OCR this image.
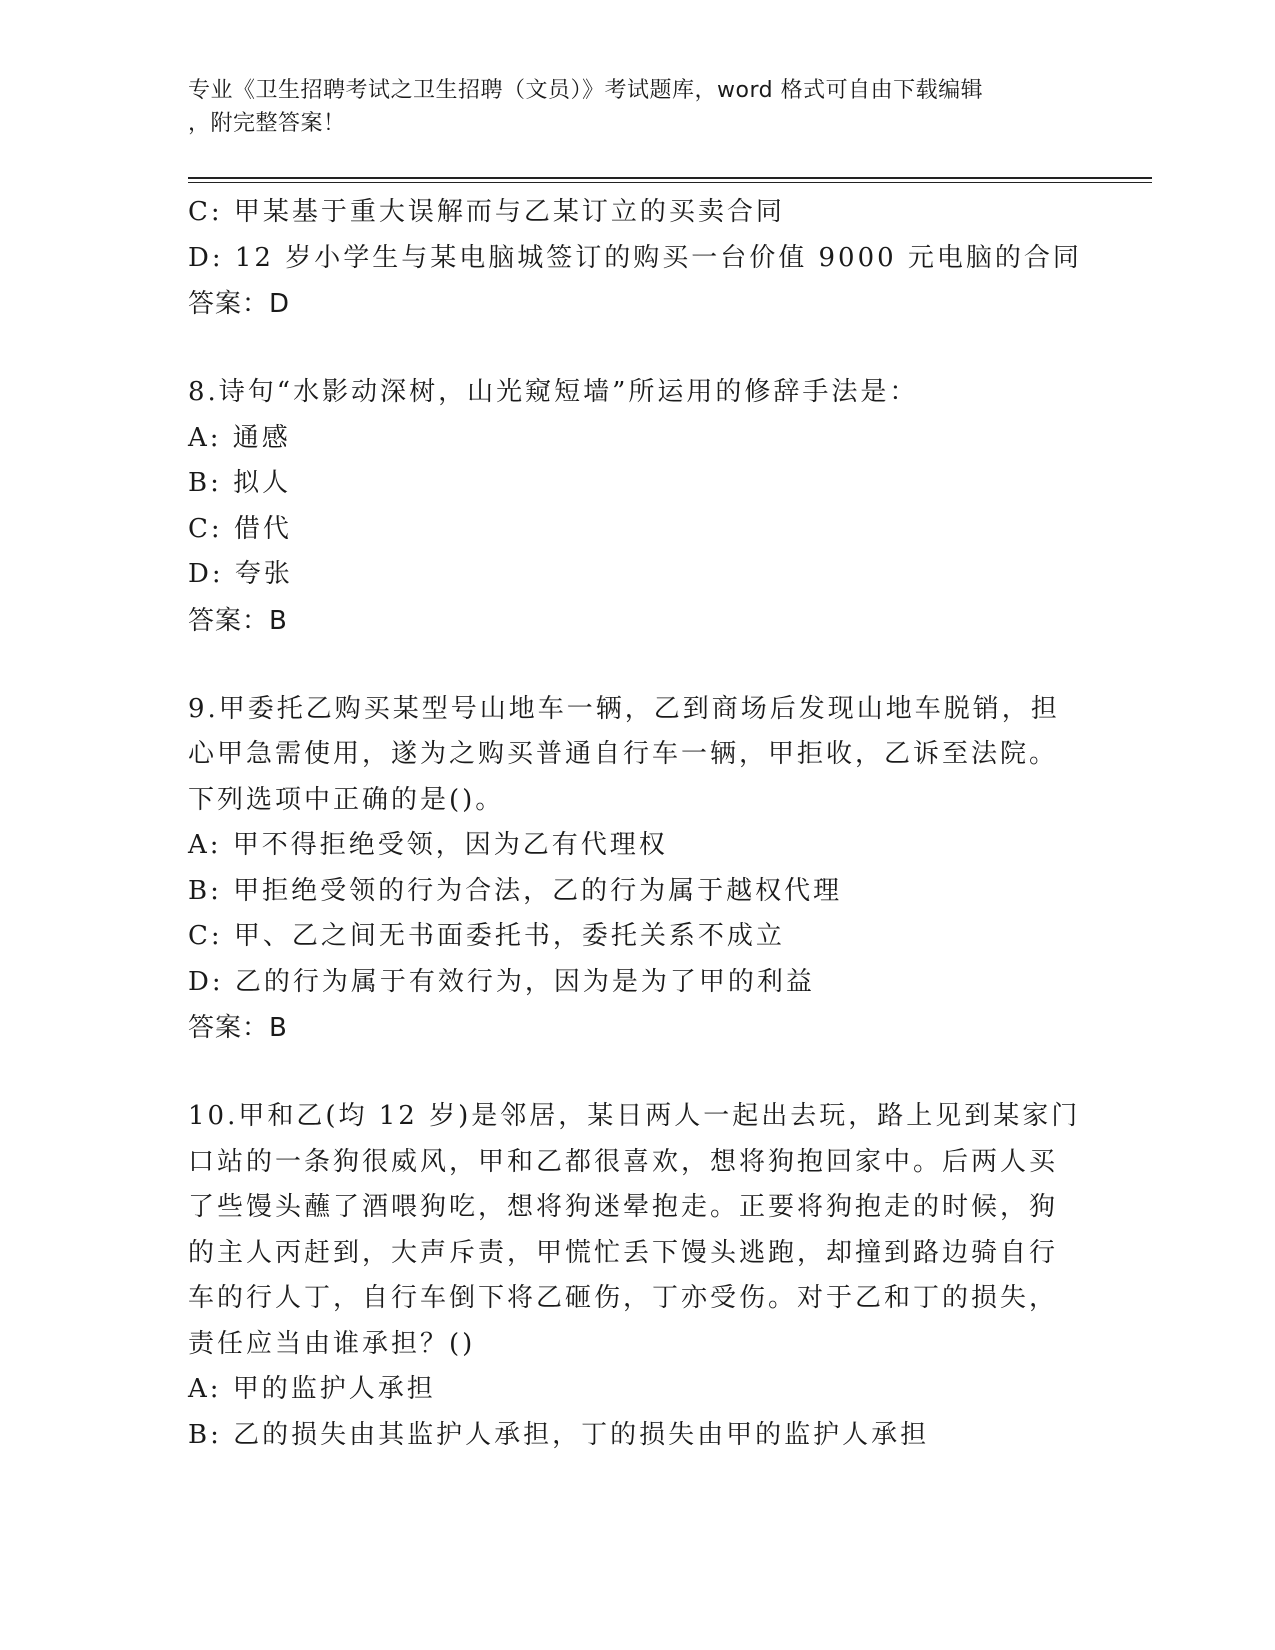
专业《卫生招聘考试之卫生招聘（文员）》考试题库，word 格式可自由下载编辑
，附完整答案！
C: 甲某基于重大误解而与乙某订立的买卖合同
D: 12 岁小学生与某电脑城签订的购买一台价值 9000 元电脑的合同
答案：D
8.诗句“水影动深树，山光窥短墙”所运用的修辞手法是：
A: 通感
B: 拟人
C: 借代
D: 夸张
答案：B
9.甲委托乙购买某型号山地车一辆，乙到商场后发现山地车脱销，担
心甲急需使用，遂为之购买普通自行车一辆，甲拒收，乙诉至法院。
下列选项中正确的是()。
A: 甲不得拒绝受领，因为乙有代理权
B: 甲拒绝受领的行为合法，乙的行为属于越权代理
C: 甲、乙之间无书面委托书，委托关系不成立
D: 乙的行为属于有效行为，因为是为了甲的利益
答案：B
10.甲和乙(均 12 岁)是邻居，某日两人一起出去玩，路上见到某家门
口站的一条狗很威风，甲和乙都很喜欢，想将狗抱回家中。后两人买
了些馒头蘸了酒喂狗吃，想将狗迷晕抱走。正要将狗抱走的时候，狗
的主人丙赶到，大声斥责，甲慌忙丢下馒头逃跑，却撞到路边骑自行
车的行人丁，自行车倒下将乙砸伤，丁亦受伤。对于乙和丁的损失，
责任应当由谁承担？()
A: 甲的监护人承担
B: 乙的损失由其监护人承担，丁的损失由甲的监护人承担
